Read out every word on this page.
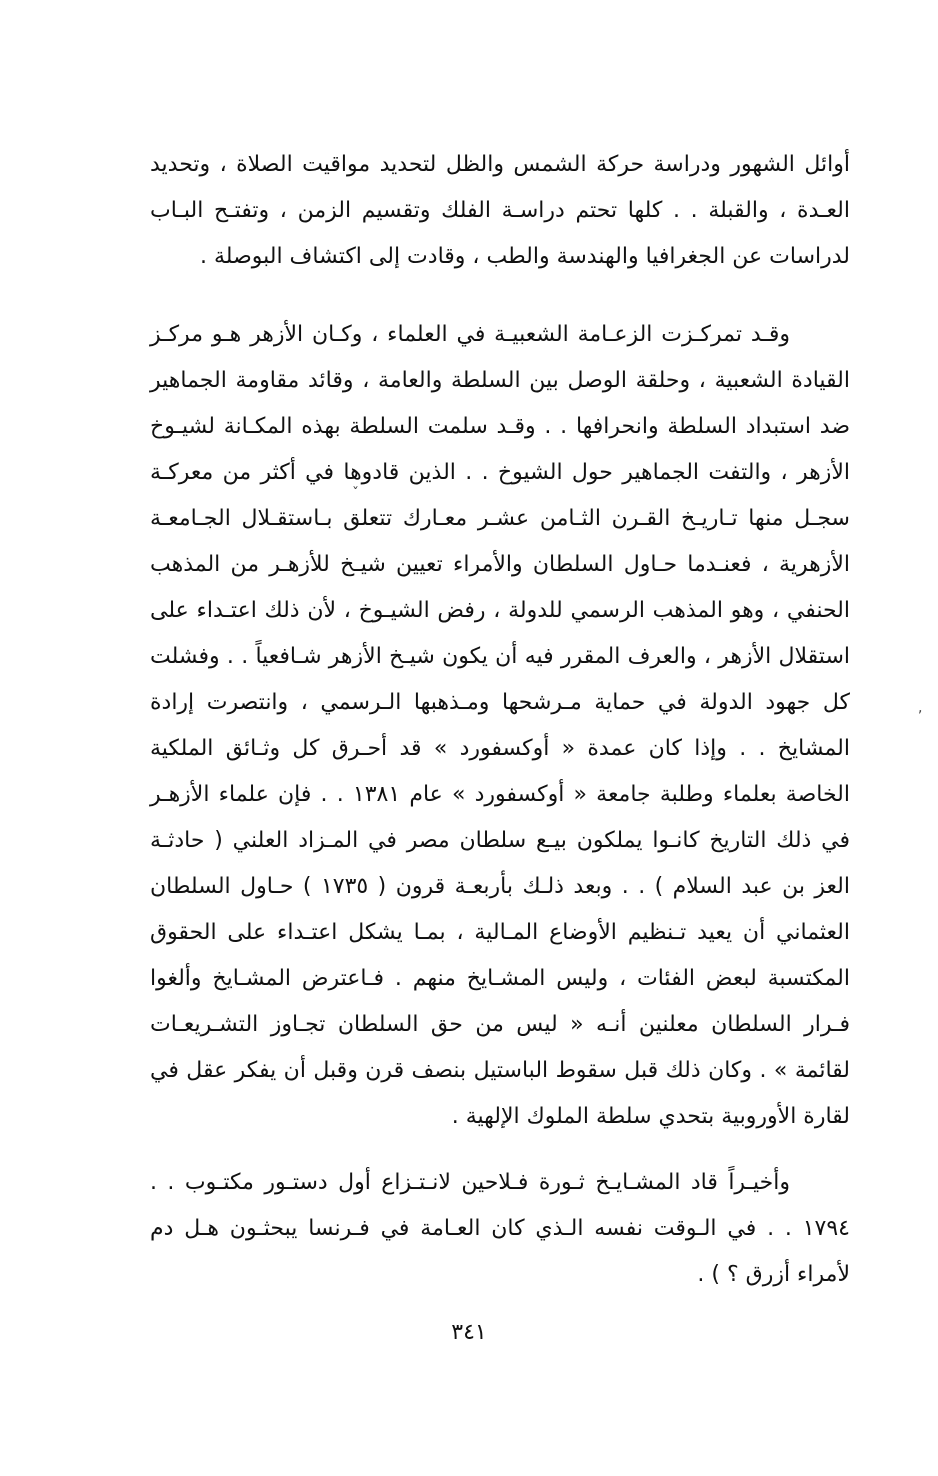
أوائل الشهور ودراسة حركة الشمس والظل لتحديد مواقيت الصلاة ، وتحديد العـدة ، والقبلة . . كلها تحتم دراسـة الفلك وتقسيم الزمن ، وتفتـح البـاب لدراسات عن الجغرافيا والهندسة والطب ، وقادت إلى اكتشاف البوصلة .

وقـد تمركـزت الزعـامة الشعبيـة في العلماء ، وكـان الأزهر هـو مركـز القيادة الشعبية ، وحلقة الوصل بين السلطة والعامة ، وقائد مقاومة الجماهير ضد استبداد السلطة وانحرافها . . وقـد سلمت السلطة بهذه المكـانة لشيـوخ الأزهر ، والتفت الجماهير حول الشيوخ . . الذين قادوها في أكثر من معركـة سجـل منها تـاريـخ القـرن الثـامن عشـر معـارك تتعلق بـاستقـلال الجـامعـة الأزهرية ، فعنـدما حـاول السلطان والأمراء تعيين شيـخ للأزهـر من المذهب الحنفي ، وهو المذهب الرسمي للدولة ، رفض الشيـوخ ، لأن ذلك اعتـداء على استقلال الأزهر ، والعرف المقرر فيه أن يكون شيـخ الأزهر شـافعياً . . وفشلت كل جهود الدولة في حماية مـرشحها ومـذهبها الـرسمي ، وانتصرت إرادة المشايخ . . وإذا كان عمدة « أوكسفورد » قد أحـرق كل وثـائق الملكية الخاصة بعلماء وطلبة جامعة « أوكسفورد » عام ١٣٨١ . . فإن علماء الأزهـر في ذلك التاريخ كانـوا يملكون بيـع سلطان مصر في المـزاد العلني ( حادثـة العز بن عبد السلام ) . . وبعد ذلـك بأربعـة قرون ( ١٧٣٥ ) حـاول السلطان العثماني أن يعيد تـنظيم الأوضاع المـالية ، بمـا يشكل اعتـداء على الحقوق المكتسبة لبعض الفئات ، وليس المشـايخ منهم . فـاعترض المشـايخ وألغوا فـرار السلطان معلنين أنـه « ليس من حق السلطان تجـاوز التشـريعـات لقائمة » . وكان ذلك قبل سقوط الباستيل بنصف قرن وقبل أن يفكر عقل في لقارة الأوروبية بتحدي سلطة الملوك الإلهية .

وأخيـراً قاد المشـايـخ ثـورة فـلاحين لانـتـزاع أول دستـور مكتـوب . . ١٧٩٤ . . في الـوقت نفسه الـذي كان العـامة في فـرنسا يبحثـون هـل دم لأمراء أزرق ؟ ) .

٣٤١
ˇ
,
